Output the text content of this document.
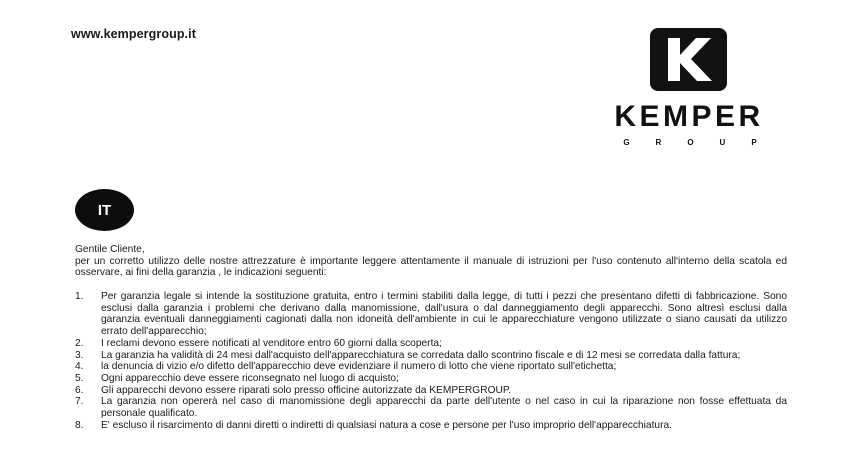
www.kempergroup.it
KEMPER
GROUP
IT

Gentile Cliente,

per un corretto utilizzo delle nostre attrezzature è importante leggere attentamente il manuale di istruzioni per l'uso contenuto all'interno della scatola ed osservare, ai fini della garanzia , le indicazioni seguenti:

1.	Per garanzia legale si intende la sostituzione gratuita, entro i termini stabiliti dalla legge, di tutti i pezzi che presentano difetti di fabbricazione. Sono esclusi dalla garanzia i problemi che derivano dalla manomissione, dall'usura o dal danneggiamento degli apparecchi. Sono altresì esclusi dalla garanzia eventuali danneggiamenti cagionati dalla non idoneità dell'ambiente in cui le apparecchiature vengono utilizzate o siano causati da utilizzo errato dell'apparecchio;
2.	I reclami devono essere notificati al venditore entro 60 giorni dalla scoperta;
3.	La garanzia ha validità di 24 mesi dall'acquisto dell'apparecchiatura se corredata dallo scontrino fiscale e di 12 mesi se corredata dalla fattura;
4.	la denuncia di vizio e/o difetto dell'apparecchio deve evidenziare il numero di lotto che viene riportato sull'etichetta;
5.	Ogni apparecchio deve essere riconsegnato nel luogo di acquisto;
6.	Gli apparecchi devono essere riparati solo presso officine autorizzate da KEMPERGROUP.
7.	La garanzia non opererà nel caso di manomissione degli apparecchi da parte dell'utente o nel caso in cui la riparazione non fosse effettuata da personale qualificato.
8.	E' escluso il risarcimento di danni diretti o indiretti di qualsiasi natura a cose e persone per l'uso improprio dell'apparecchiatura.
